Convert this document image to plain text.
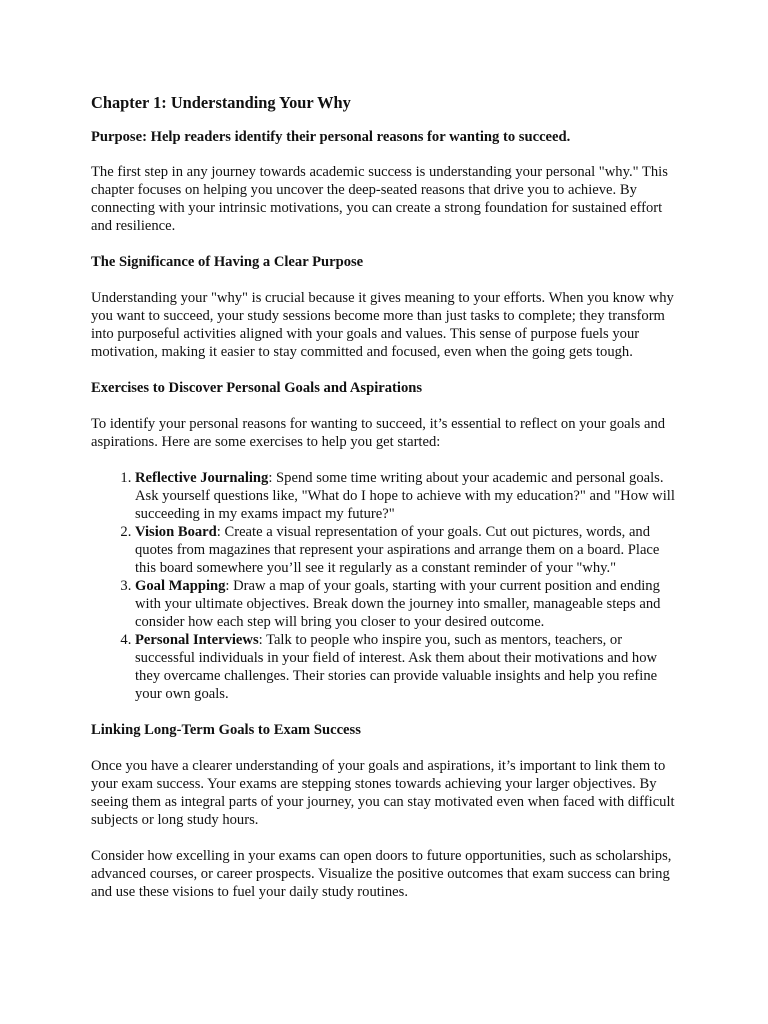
Chapter 1: Understanding Your Why
Purpose: Help readers identify their personal reasons for wanting to succeed.

The first step in any journey towards academic success is understanding your personal "why." This chapter focuses on helping you uncover the deep-seated reasons that drive you to achieve. By connecting with your intrinsic motivations, you can create a strong foundation for sustained effort and resilience.

The Significance of Having a Clear Purpose

Understanding your "why" is crucial because it gives meaning to your efforts. When you know why you want to succeed, your study sessions become more than just tasks to complete; they transform into purposeful activities aligned with your goals and values. This sense of purpose fuels your motivation, making it easier to stay committed and focused, even when the going gets tough.

Exercises to Discover Personal Goals and Aspirations

To identify your personal reasons for wanting to succeed, it’s essential to reflect on your goals and aspirations. Here are some exercises to help you get started:

1. Reflective Journaling: Spend some time writing about your academic and personal goals. Ask yourself questions like, "What do I hope to achieve with my education?" and "How will succeeding in my exams impact my future?"
2. Vision Board: Create a visual representation of your goals. Cut out pictures, words, and quotes from magazines that represent your aspirations and arrange them on a board. Place this board somewhere you’ll see it regularly as a constant reminder of your "why."
3. Goal Mapping: Draw a map of your goals, starting with your current position and ending with your ultimate objectives. Break down the journey into smaller, manageable steps and consider how each step will bring you closer to your desired outcome.
4. Personal Interviews: Talk to people who inspire you, such as mentors, teachers, or successful individuals in your field of interest. Ask them about their motivations and how they overcame challenges. Their stories can provide valuable insights and help you refine your own goals.
Linking Long-Term Goals to Exam Success

Once you have a clearer understanding of your goals and aspirations, it’s important to link them to your exam success. Your exams are stepping stones towards achieving your larger objectives. By seeing them as integral parts of your journey, you can stay motivated even when faced with difficult subjects or long study hours.

Consider how excelling in your exams can open doors to future opportunities, such as scholarships, advanced courses, or career prospects. Visualize the positive outcomes that exam success can bring and use these visions to fuel your daily study routines.
